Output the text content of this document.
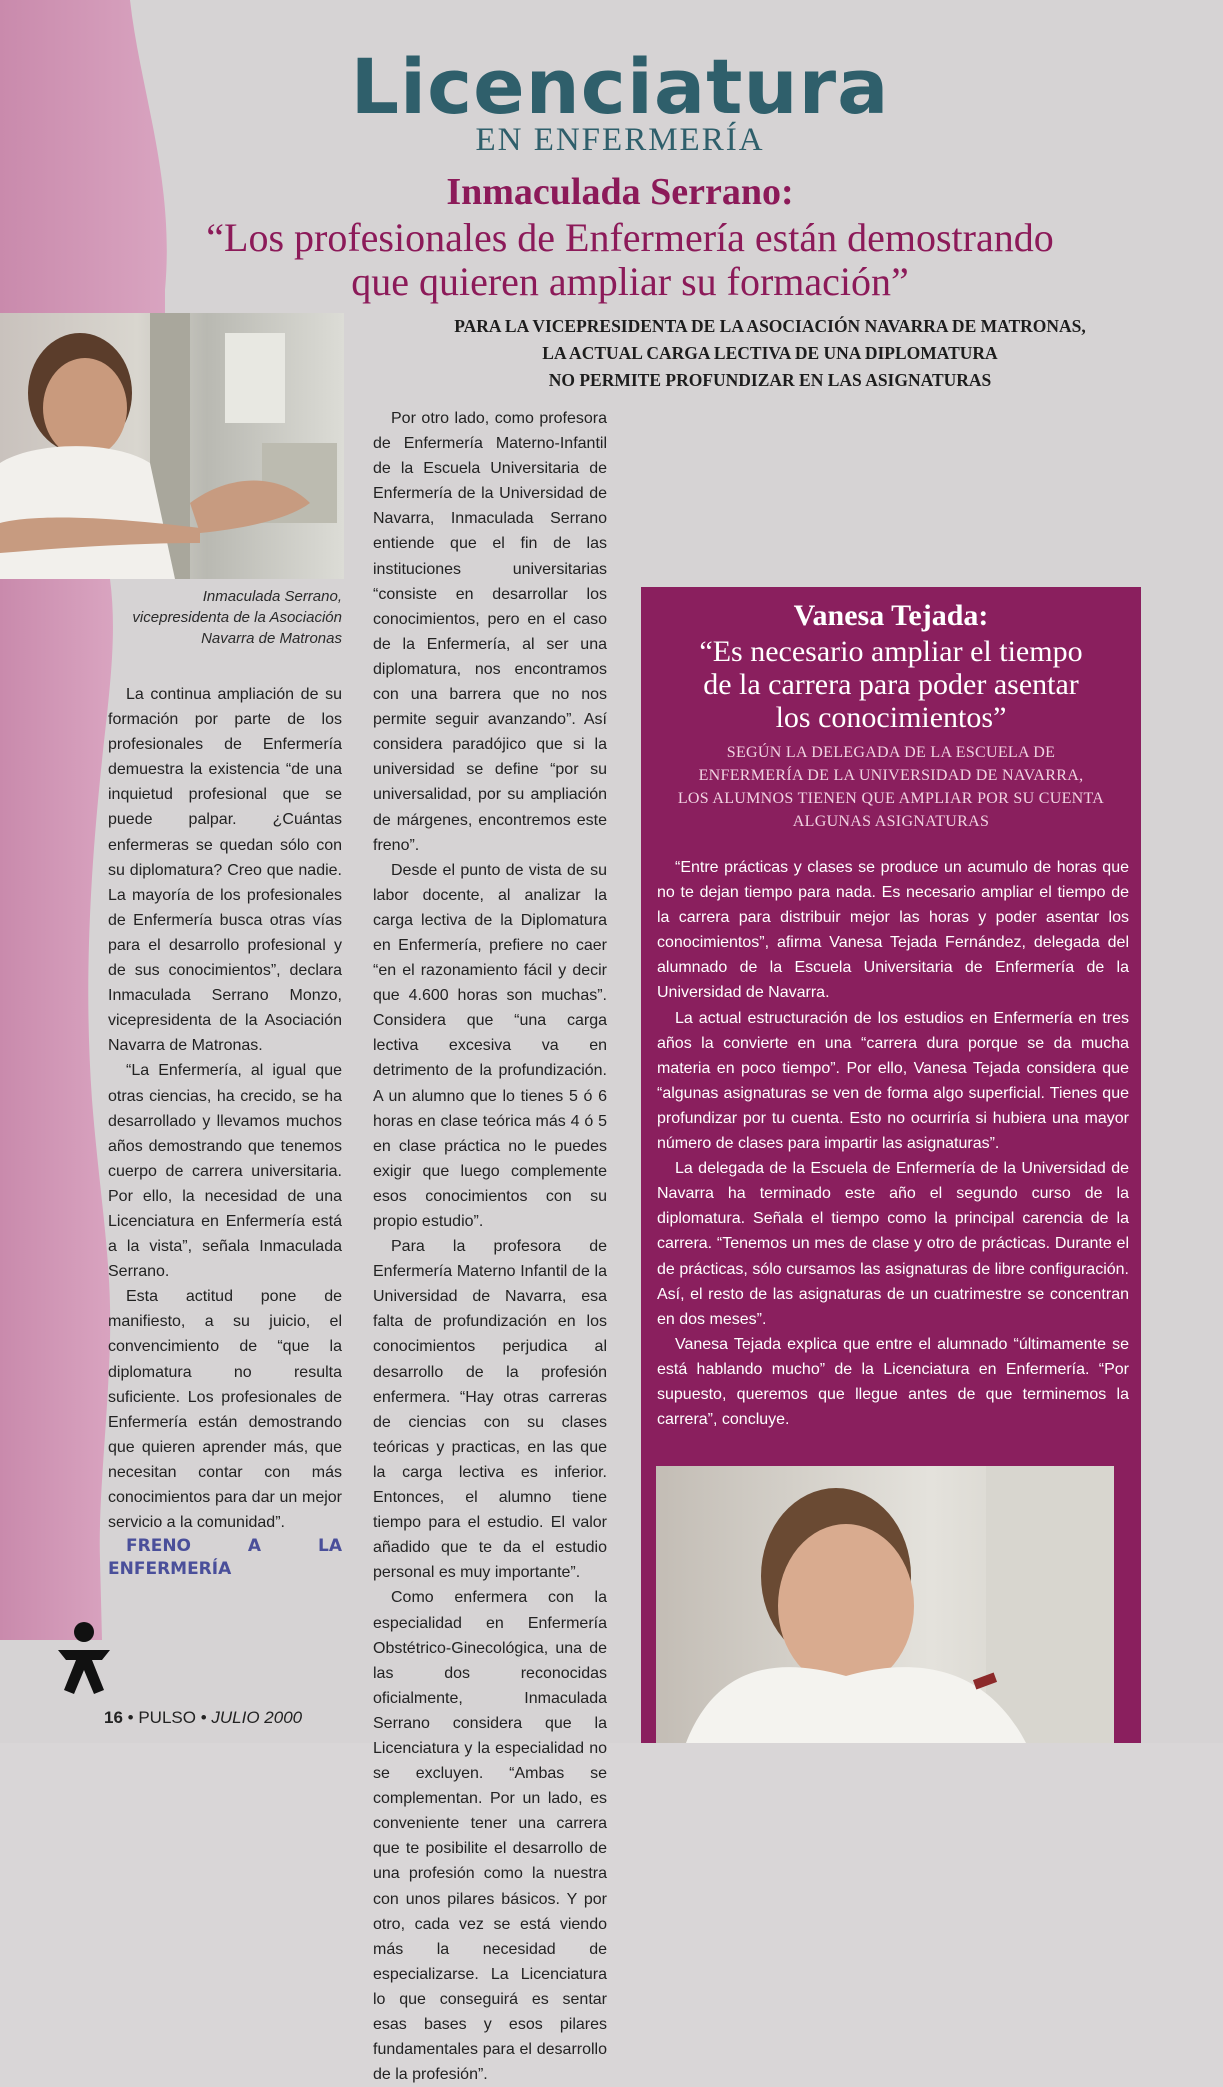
Licenciatura
EN ENFERMERÍA
Inmaculada Serrano:
“Los profesionales de Enfermería están demostrando
que quieren ampliar su formación”
PARA LA VICEPRESIDENTA DE LA ASOCIACIÓN NAVARRA DE MATRONAS,
LA ACTUAL CARGA LECTIVA DE UNA DIPLOMATURA
NO PERMITE PROFUNDIZAR EN LAS ASIGNATURAS
Inmaculada Serrano,
vicepresidenta de la Asociación
Navarra de Matronas

La continua ampliación de su formación por parte de los profesionales de Enfermería demuestra la existencia “de una inquietud profesional que se puede palpar. ¿Cuántas enfermeras se quedan sólo con su diplomatura? Creo que nadie. La mayoría de los profesionales de Enfermería busca otras vías para el desarrollo profesional y de sus conocimientos”, declara Inmaculada Serrano Monzo, vicepresidenta de la Asociación Navarra de Matronas.

“La Enfermería, al igual que otras ciencias, ha crecido, se ha desarrollado y llevamos muchos años demostrando que tenemos cuerpo de carrera universitaria. Por ello, la necesidad de una Licenciatura en Enfermería está a la vista”, señala Inmaculada Serrano.

Esta actitud pone de manifiesto, a su juicio, el convencimiento de “que la diplomatura no resulta suficiente. Los profesionales de Enfermería están demostrando que quieren aprender más, que necesitan contar con más conocimientos para dar un mejor servicio a la comunidad”.

FRENO A LA ENFERMERÍA

Por otro lado, como profesora de Enfermería Materno-Infantil de la Escuela Universitaria de Enfermería de la Universidad de Navarra, Inmaculada Serrano entiende que el fin de las instituciones universitarias “consiste en desarrollar los conocimientos, pero en el caso de la Enfermería, al ser una diplomatura, nos encontramos con una barrera que no nos permite seguir avanzando”. Así considera paradójico que si la universidad se define “por su universalidad, por su ampliación de márgenes, encontremos este freno”.

Desde el punto de vista de su labor docente, al analizar la carga lectiva de la Diplomatura en Enfermería, prefiere no caer “en el razonamiento fácil y decir que 4.600 horas son muchas”. Considera que “una carga lectiva excesiva va en detrimento de la profundización. A un alumno que lo tienes 5 ó 6 horas en clase teórica más 4 ó 5 en clase práctica no le puedes exigir que luego complemente esos conocimientos con su propio estudio”.

Para la profesora de Enfermería Materno Infantil de la Universidad de Navarra, esa falta de profundización en los conocimientos perjudica al desarrollo de la profesión enfermera. “Hay otras carreras de ciencias con su clases teóricas y practicas, en las que la carga lectiva es inferior. Entonces, el alumno tiene tiempo para el estudio. El valor añadido que te da el estudio personal es muy importante”.

Como enfermera con la especialidad en Enfermería Obstétrico-Ginecológica, una de las dos reconocidas oficialmente, Inmaculada Serrano considera que la Licenciatura y la especialidad no se excluyen. “Ambas se complementan. Por un lado, es conveniente tener una carrera que te posibilite el desarrollo de una profesión como la nuestra con unos pilares básicos. Y por otro, cada vez se está viendo más la necesidad de especializarse. La Licenciatura lo que conseguirá es sentar esas bases y esos pilares fundamentales para el desarrollo de la profesión”.

Vanesa Tejada:
“Es necesario ampliar el tiempo
de la carrera para poder asentar
los conocimientos”
SEGÚN LA DELEGADA DE LA ESCUELA DE
ENFERMERÍA DE LA UNIVERSIDAD DE NAVARRA,
LOS ALUMNOS TIENEN QUE AMPLIAR POR SU CUENTA
ALGUNAS ASIGNATURAS

“Entre prácticas y clases se produce un acumulo de horas que no te dejan tiempo para nada. Es necesario ampliar el tiempo de la carrera para distribuir mejor las horas y poder asentar los conocimientos”, afirma Vanesa Tejada Fernández, delegada del alumnado de la Escuela Universitaria de Enfermería de la Universidad de Navarra.

La actual estructuración de los estudios en Enfermería en tres años la convierte en una “carrera dura porque se da mucha materia en poco tiempo”. Por ello, Vanesa Tejada considera que “algunas asignaturas se ven de forma algo superficial. Tienes que profundizar por tu cuenta. Esto no ocurriría si hubiera una mayor número de clases para impartir las asignaturas”.

La delegada de la Escuela de Enfermería de la Universidad de Navarra ha terminado este año el segundo curso de la diplomatura. Señala el tiempo como la principal carencia de la carrera. “Tenemos un mes de clase y otro de prácticas. Durante el de prácticas, sólo cursamos las asignaturas de libre configuración. Así, el resto de las asignaturas de un cuatrimestre se concentran en dos meses”.

Vanesa Tejada explica que entre el alumnado “últimamente se está hablando mucho” de la Licenciatura en Enfermería. “Por supuesto, queremos que llegue antes de que terminemos la carrera”, concluye.

16 • PULSO • JULIO 2000
